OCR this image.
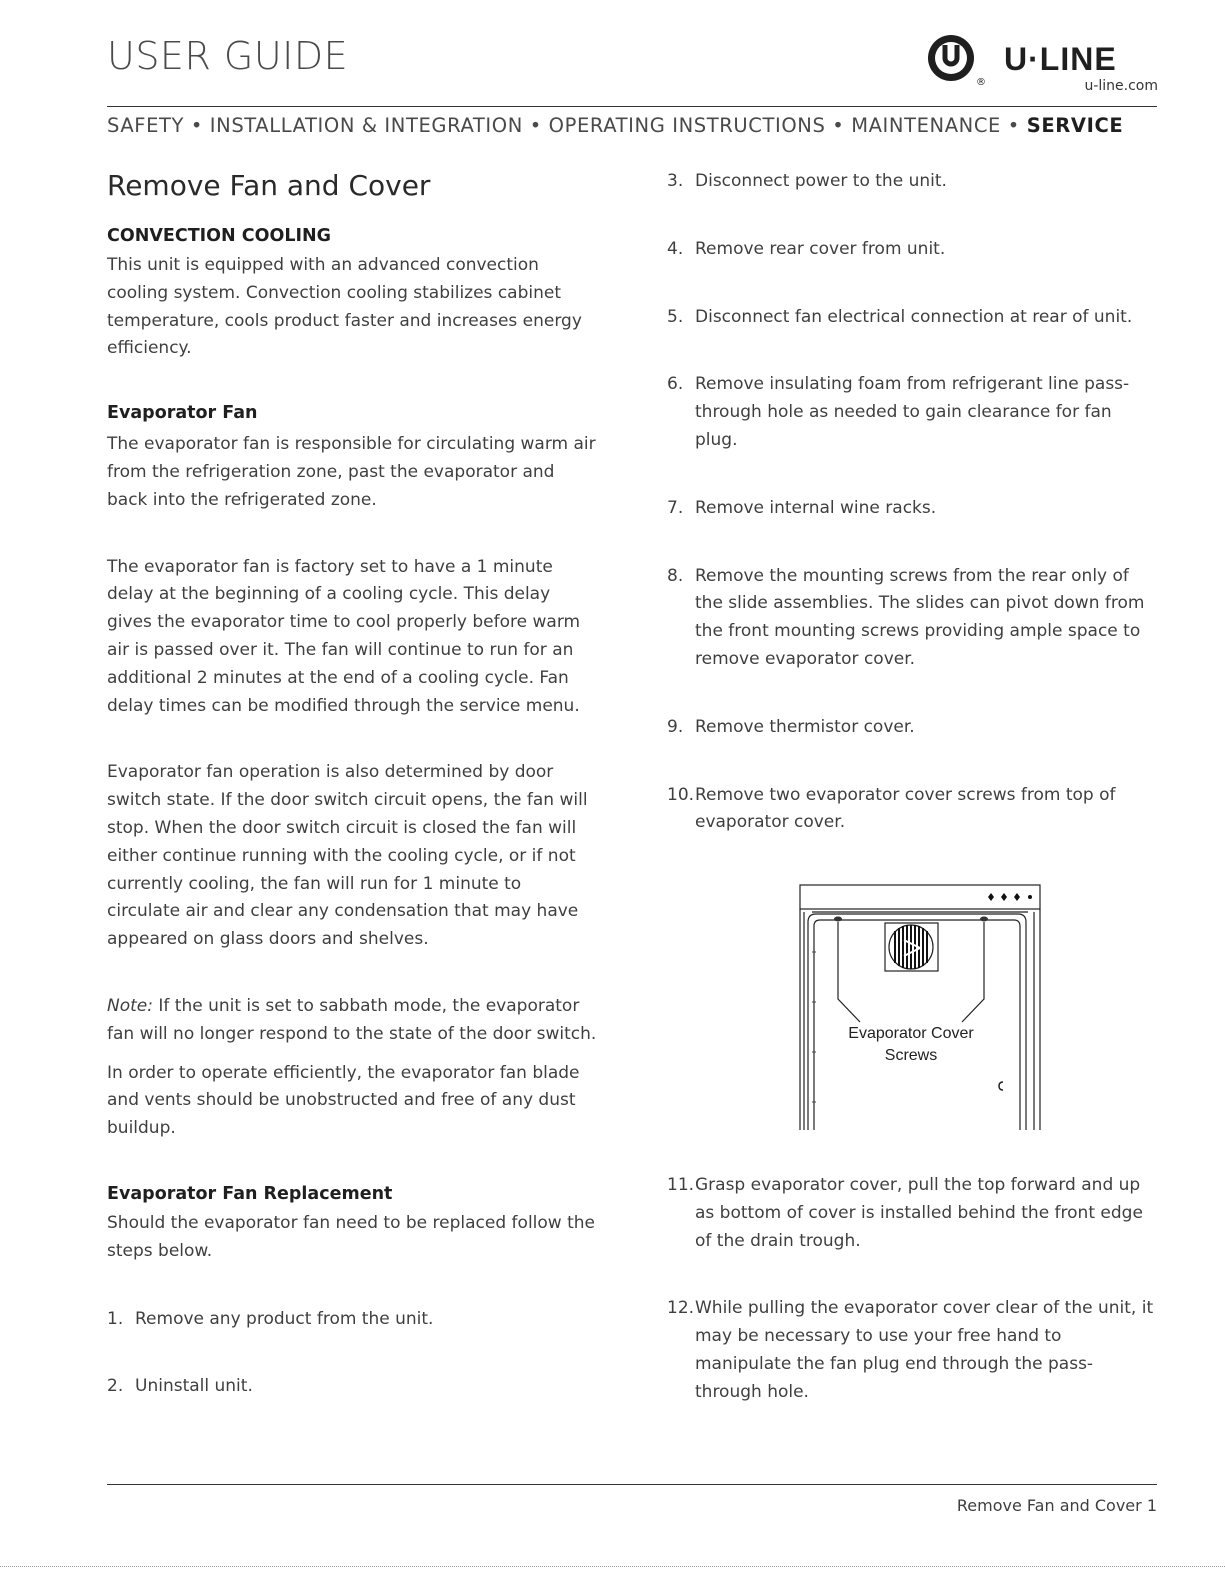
USER GUIDE
®
U·LINE
u-line.com
SAFETY • INSTALLATION & INTEGRATION • OPERATING INSTRUCTIONS • MAINTENANCE • SERVICE
Remove Fan and Cover
CONVECTION COOLING

This unit is equipped with an advanced convection cooling system. Convection cooling stabilizes cabinet temperature, cools product faster and increases energy efficiency.

Evaporator Fan

The evaporator fan is responsible for circulating warm air from the refrigeration zone, past the evaporator and back into the refrigerated zone.

The evaporator fan is factory set to have a 1 minute delay at the beginning of a cooling cycle. This delay gives the evaporator time to cool properly before warm air is passed over it. The fan will continue to run for an additional 2 minutes at the end of a cooling cycle. Fan delay times can be modified through the service menu.

Evaporator fan operation is also determined by door switch state. If the door switch circuit opens, the fan will stop. When the door switch circuit is closed the fan will either continue running with the cooling cycle, or if not currently cooling, the fan will run for 1 minute to circulate air and clear any condensation that may have appeared on glass doors and shelves.

Note: If the unit is set to sabbath mode, the evaporator fan will no longer respond to the state of the door switch.

In order to operate efficiently, the evaporator fan blade and vents should be unobstructed and free of any dust buildup.

Evaporator Fan Replacement

Should the evaporator fan need to be replaced follow the steps below.

1. Remove any product from the unit.
2. Uninstall unit.
3. Disconnect power to the unit.
4. Remove rear cover from unit.
5. Disconnect fan electrical connection at rear of unit.
6. Remove insulating foam from refrigerant line pass-through hole as needed to gain clearance for fan plug.
7. Remove internal wine racks.
8. Remove the mounting screws from the rear only of the slide assemblies. The slides can pivot down from the front mounting screws providing ample space to remove evaporator cover.
9. Remove thermistor cover.
10. Remove two evaporator cover screws from top of evaporator cover.
Evaporator Cover
Screws
11. Grasp evaporator cover, pull the top forward and up as bottom of cover is installed behind the front edge of the drain trough.
12. While pulling the evaporator cover clear of the unit, it may be necessary to use your free hand to manipulate the fan plug end through the pass-through hole.
Remove Fan and Cover 1
